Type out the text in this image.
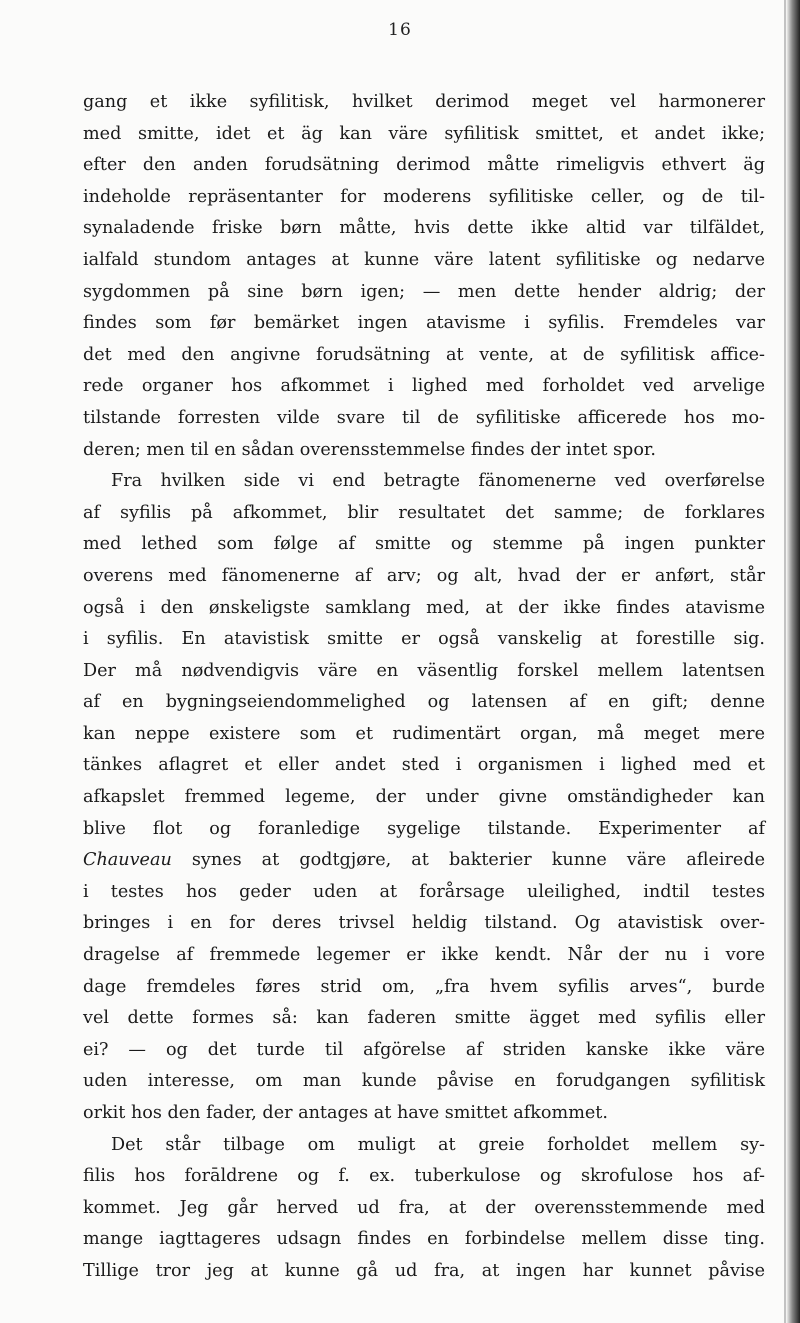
16
gang et ikke syfilitisk, hvilket derimod meget vel harmonerer
med smitte, idet et äg kan väre syfilitisk smittet, et andet ikke;
efter den anden forudsätning derimod måtte rimeligvis ethvert äg
indeholde repräsentanter for moderens syfilitiske celler, og de til-
synaladende friske børn måtte, hvis dette ikke altid var tilfäldet,
ialfald stundom antages at kunne väre latent syfilitiske og nedarve
sygdommen på sine børn igen; — men dette hender aldrig; der
findes som før bemärket ingen atavisme i syfilis. Fremdeles var
det med den angivne forudsätning at vente, at de syfilitisk affice-
rede organer hos afkommet i lighed med forholdet ved arvelige
tilstande forresten vilde svare til de syfilitiske afficerede hos mo-
deren; men til en sådan overensstemmelse findes der intet spor.
Fra hvilken side vi end betragte fänomenerne ved overførelse
af syfilis på afkommet, blir resultatet det samme; de forklares
med lethed som følge af smitte og stemme på ingen punkter
overens med fänomenerne af arv; og alt, hvad der er anført, står
også i den ønskeligste samklang med, at der ikke findes atavisme
i syfilis. En atavistisk smitte er også vanskelig at forestille sig.
Der må nødvendigvis väre en väsentlig forskel mellem latentsen
af en bygningseiendommelighed og latensen af en gift; denne
kan neppe existere som et rudimentärt organ, må meget mere
tänkes aflagret et eller andet sted i organismen i lighed med et
afkapslet fremmed legeme, der under givne omständigheder kan
blive flot og foranledige sygelige tilstande. Experimenter af
Chauveau synes at godtgjøre, at bakterier kunne väre afleirede
i testes hos geder uden at forårsage uleilighed, indtil testes
bringes i en for deres trivsel heldig tilstand. Og atavistisk over-
dragelse af fremmede legemer er ikke kendt. Når der nu i vore
dage fremdeles føres strid om, „fra hvem syfilis arves“, burde
vel dette formes så: kan faderen smitte ägget med syfilis eller
ei? — og det turde til afgörelse af striden kanske ikke väre
uden interesse, om man kunde påvise en forudgangen syfilitisk
orkit hos den fader, der antages at have smittet afkommet.
Det står tilbage om muligt at greie forholdet mellem sy-
filis hos forāldrene og f. ex. tuberkulose og skrofulose hos af-
kommet. Jeg går herved ud fra, at der overensstemmende med
mange iagttageres udsagn findes en forbindelse mellem disse ting.
Tillige tror jeg at kunne gå ud fra, at ingen har kunnet påvise
